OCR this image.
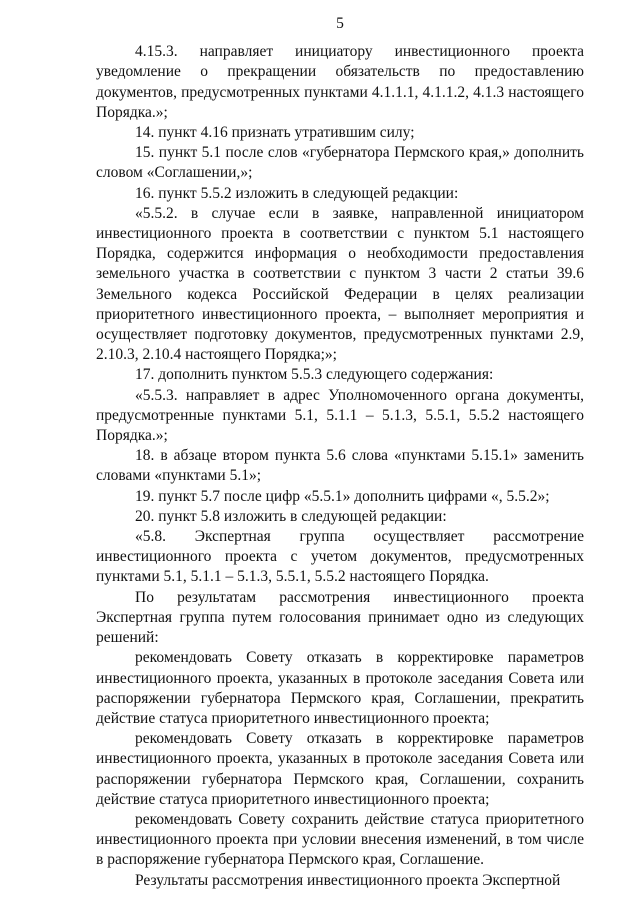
5

4.15.3. направляет инициатору инвестиционного проекта уведомление о прекращении обязательств по предоставлению документов, предусмотренных пунктами 4.1.1.1, 4.1.1.2, 4.1.3 настоящего Порядка.»;

14. пункт 4.16 признать утратившим силу;

15. пункт 5.1 после слов «губернатора Пермского края,» дополнить словом «Соглашении,»;

16. пункт 5.5.2 изложить в следующей редакции:

«5.5.2. в случае если в заявке, направленной инициатором инвестиционного проекта в соответствии с пунктом 5.1 настоящего Порядка, содержится информация о необходимости предоставления земельного участка в соответствии с пунктом 3 части 2 статьи 39.6 Земельного кодекса Российской Федерации в целях реализации приоритетного инвестиционного проекта, – выполняет мероприятия и осуществляет подготовку документов, предусмотренных пунктами 2.9, 2.10.3, 2.10.4 настоящего Порядка;»;

17. дополнить пунктом 5.5.3 следующего содержания:

«5.5.3. направляет в адрес Уполномоченного органа документы, предусмотренные пунктами 5.1, 5.1.1 – 5.1.3, 5.5.1, 5.5.2 настоящего Порядка.»;

18. в абзаце втором пункта 5.6 слова «пунктами 5.15.1» заменить словами «пунктами 5.1»;

19. пункт 5.7 после цифр «5.5.1» дополнить цифрами «, 5.5.2»;

20. пункт 5.8 изложить в следующей редакции:

«5.8. Экспертная группа осуществляет рассмотрение инвестиционного проекта с учетом документов, предусмотренных пунктами 5.1, 5.1.1 – 5.1.3, 5.5.1, 5.5.2 настоящего Порядка.

По результатам рассмотрения инвестиционного проекта Экспертная группа путем голосования принимает одно из следующих решений:

рекомендовать Совету отказать в корректировке параметров инвестиционного проекта, указанных в протоколе заседания Совета или распоряжении губернатора Пермского края, Соглашении, прекратить действие статуса приоритетного инвестиционного проекта;

рекомендовать Совету отказать в корректировке параметров инвестиционного проекта, указанных в протоколе заседания Совета или распоряжении губернатора Пермского края, Соглашении, сохранить действие статуса приоритетного инвестиционного проекта;

рекомендовать Совету сохранить действие статуса приоритетного инвестиционного проекта при условии внесения изменений, в том числе в распоряжение губернатора Пермского края, Соглашение.

Результаты рассмотрения инвестиционного проекта Экспертной
